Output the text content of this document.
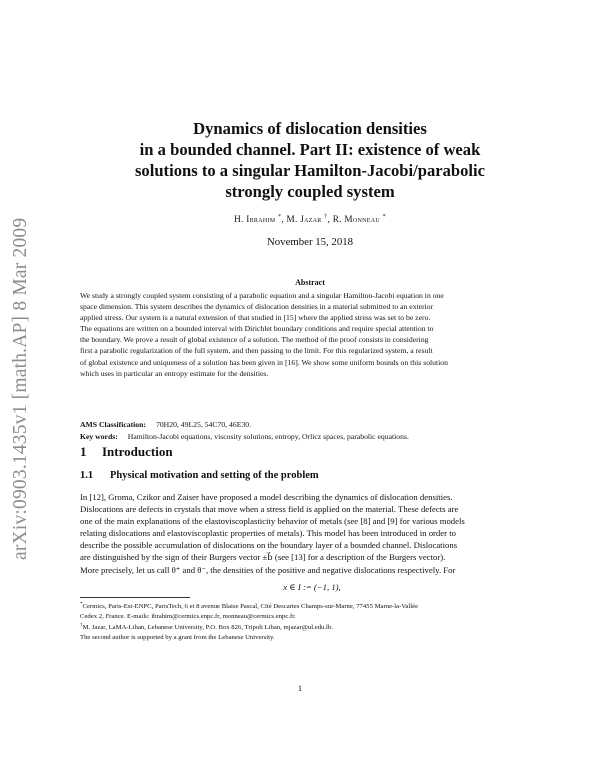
arXiv:0903.1435v1 [math.AP] 8 Mar 2009
Dynamics of dislocation densities
in a bounded channel. Part II: existence of weak
solutions to a singular Hamilton-Jacobi/parabolic
strongly coupled system
H. Ibrahim *, M. Jazar †, R. Monneau *
November 15, 2018
Abstract
We study a strongly coupled system consisting of a parabolic equation and a singular Hamilton-Jacobi equation in one
space dimension. This system describes the dynamics of dislocation densities in a material submitted to an exterior
applied stress. Our system is a natural extension of that studied in [15] where the applied stress was set to be zero.
The equations are written on a bounded interval with Dirichlet boundary conditions and require special attention to
the boundary. We prove a result of global existence of a solution. The method of the proof consists in considering
first a parabolic regularization of the full system, and then passing to the limit. For this regularized system, a result
of global existence and uniqueness of a solution has been given in [16]. We show some uniform bounds on this solution
which uses in particular an entropy estimate for the densities.
AMS Classification: 70H20, 49L25, 54C70, 46E30.
Key words: Hamilton-Jacobi equations, viscosity solutions, entropy, Orlicz spaces, parabolic equations.
1 Introduction
1.1 Physical motivation and setting of the problem
In [12], Groma, Czikor and Zaiser have proposed a model describing the dynamics of dislocation densities.
Dislocations are defects in crystals that move when a stress field is applied on the material. These defects are
one of the main explanations of the elastoviscoplasticity behavior of metals (see [8] and [9] for various models
relating dislocations and elastoviscoplastic properties of metals). This model has been introduced in order to
describe the possible accumulation of dislocations on the boundary layer of a bounded channel. Dislocations
are distinguished by the sign of their Burgers vector ±b⃗ (see [13] for a description of the Burgers vector).
More precisely, let us call θ⁺ and θ⁻, the densities of the positive and negative dislocations respectively. For
x ∈ I := (−1, 1),
*Cermics, Paris-Est-ENPC, ParisTech, 6 et 8 avenue Blaise Pascal, Cité Descartes Champs-sur-Marne, 77455 Marne-la-Vallée
Cedex 2, France. E-mails: ibrahim@cermics.enpc.fr, monneau@cermics.enpc.fr.
†M. Jazar, LaMA-Liban, Lebanese University, P.O. Box 826, Tripoli Liban, mjazar@ul.edu.lb.
The second author is supported by a grant from the Lebanese University.
1
